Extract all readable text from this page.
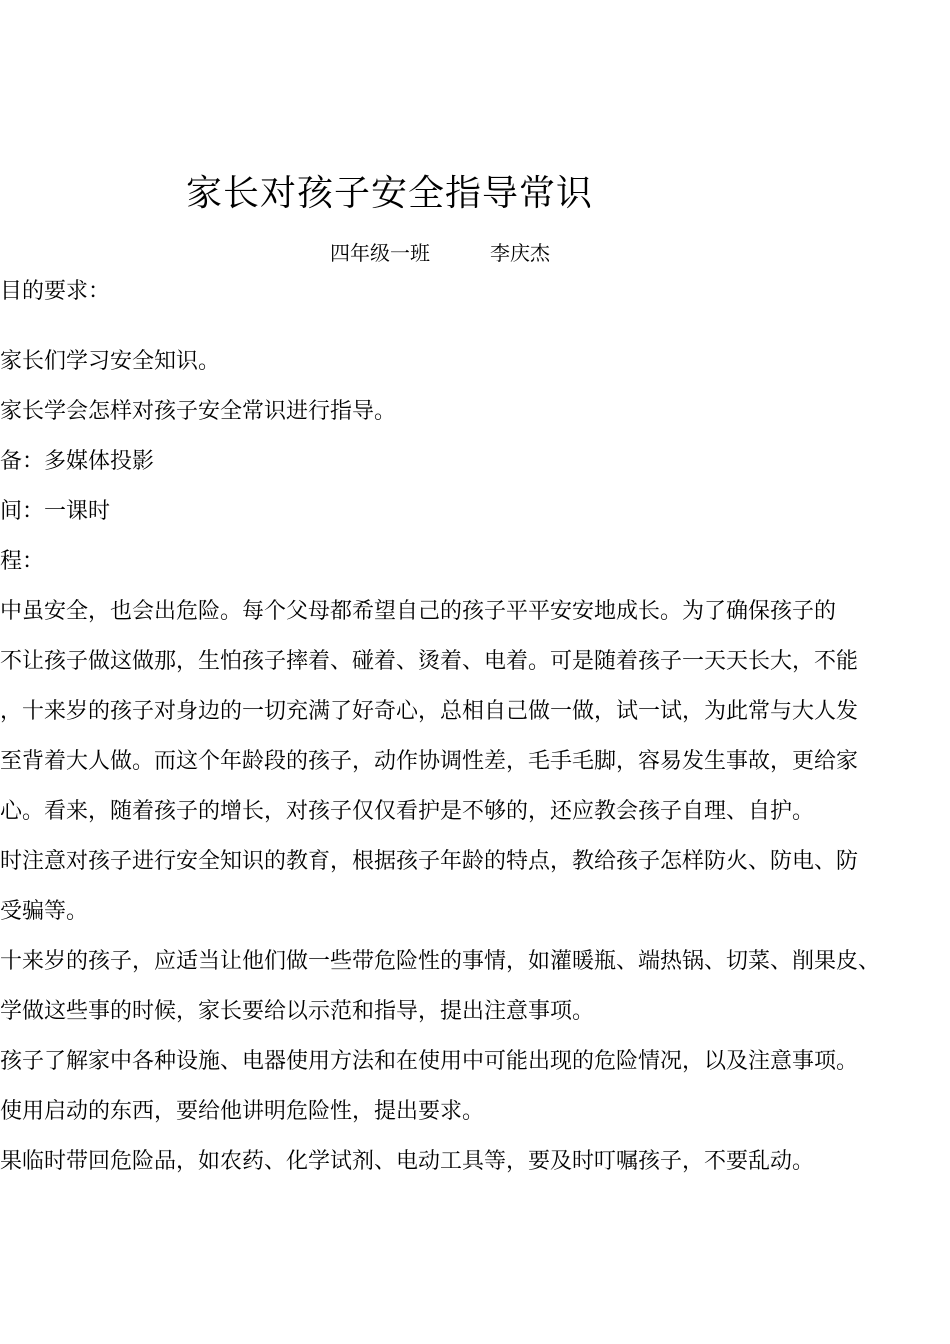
家长对孩子安全指导常识
四年级一班	李庆杰
目的要求：
家长们学习安全知识。
家长学会怎样对孩子安全常识进行指导。
备：多媒体投影
间：一课时
程：
中虽安全，也会出危险。每个父母都希望自己的孩子平平安安地成长。为了确保孩子的
不让孩子做这做那，生怕孩子摔着、碰着、烫着、电着。可是随着孩子一天天长大，不能
，十来岁的孩子对身边的一切充满了好奇心，总相自己做一做，试一试，为此常与大人发
至背着大人做。而这个年龄段的孩子，动作协调性差，毛手毛脚，容易发生事故，更给家
心。看来，随着孩子的增长，对孩子仅仅看护是不够的，还应教会孩子自理、自护。
时注意对孩子进行安全知识的教育，根据孩子年龄的特点，教给孩子怎样防火、防电、防
受骗等。
十来岁的孩子，应适当让他们做一些带危险性的事情，如灌暖瓶、端热锅、切菜、削果皮、
学做这些事的时候，家长要给以示范和指导，提出注意事项。
孩子了解家中各种设施、电器使用方法和在使用中可能出现的危险情况，以及注意事项。
使用启动的东西，要给他讲明危险性，提出要求。
果临时带回危险品，如农药、化学试剂、电动工具等，要及时叮嘱孩子，不要乱动。
